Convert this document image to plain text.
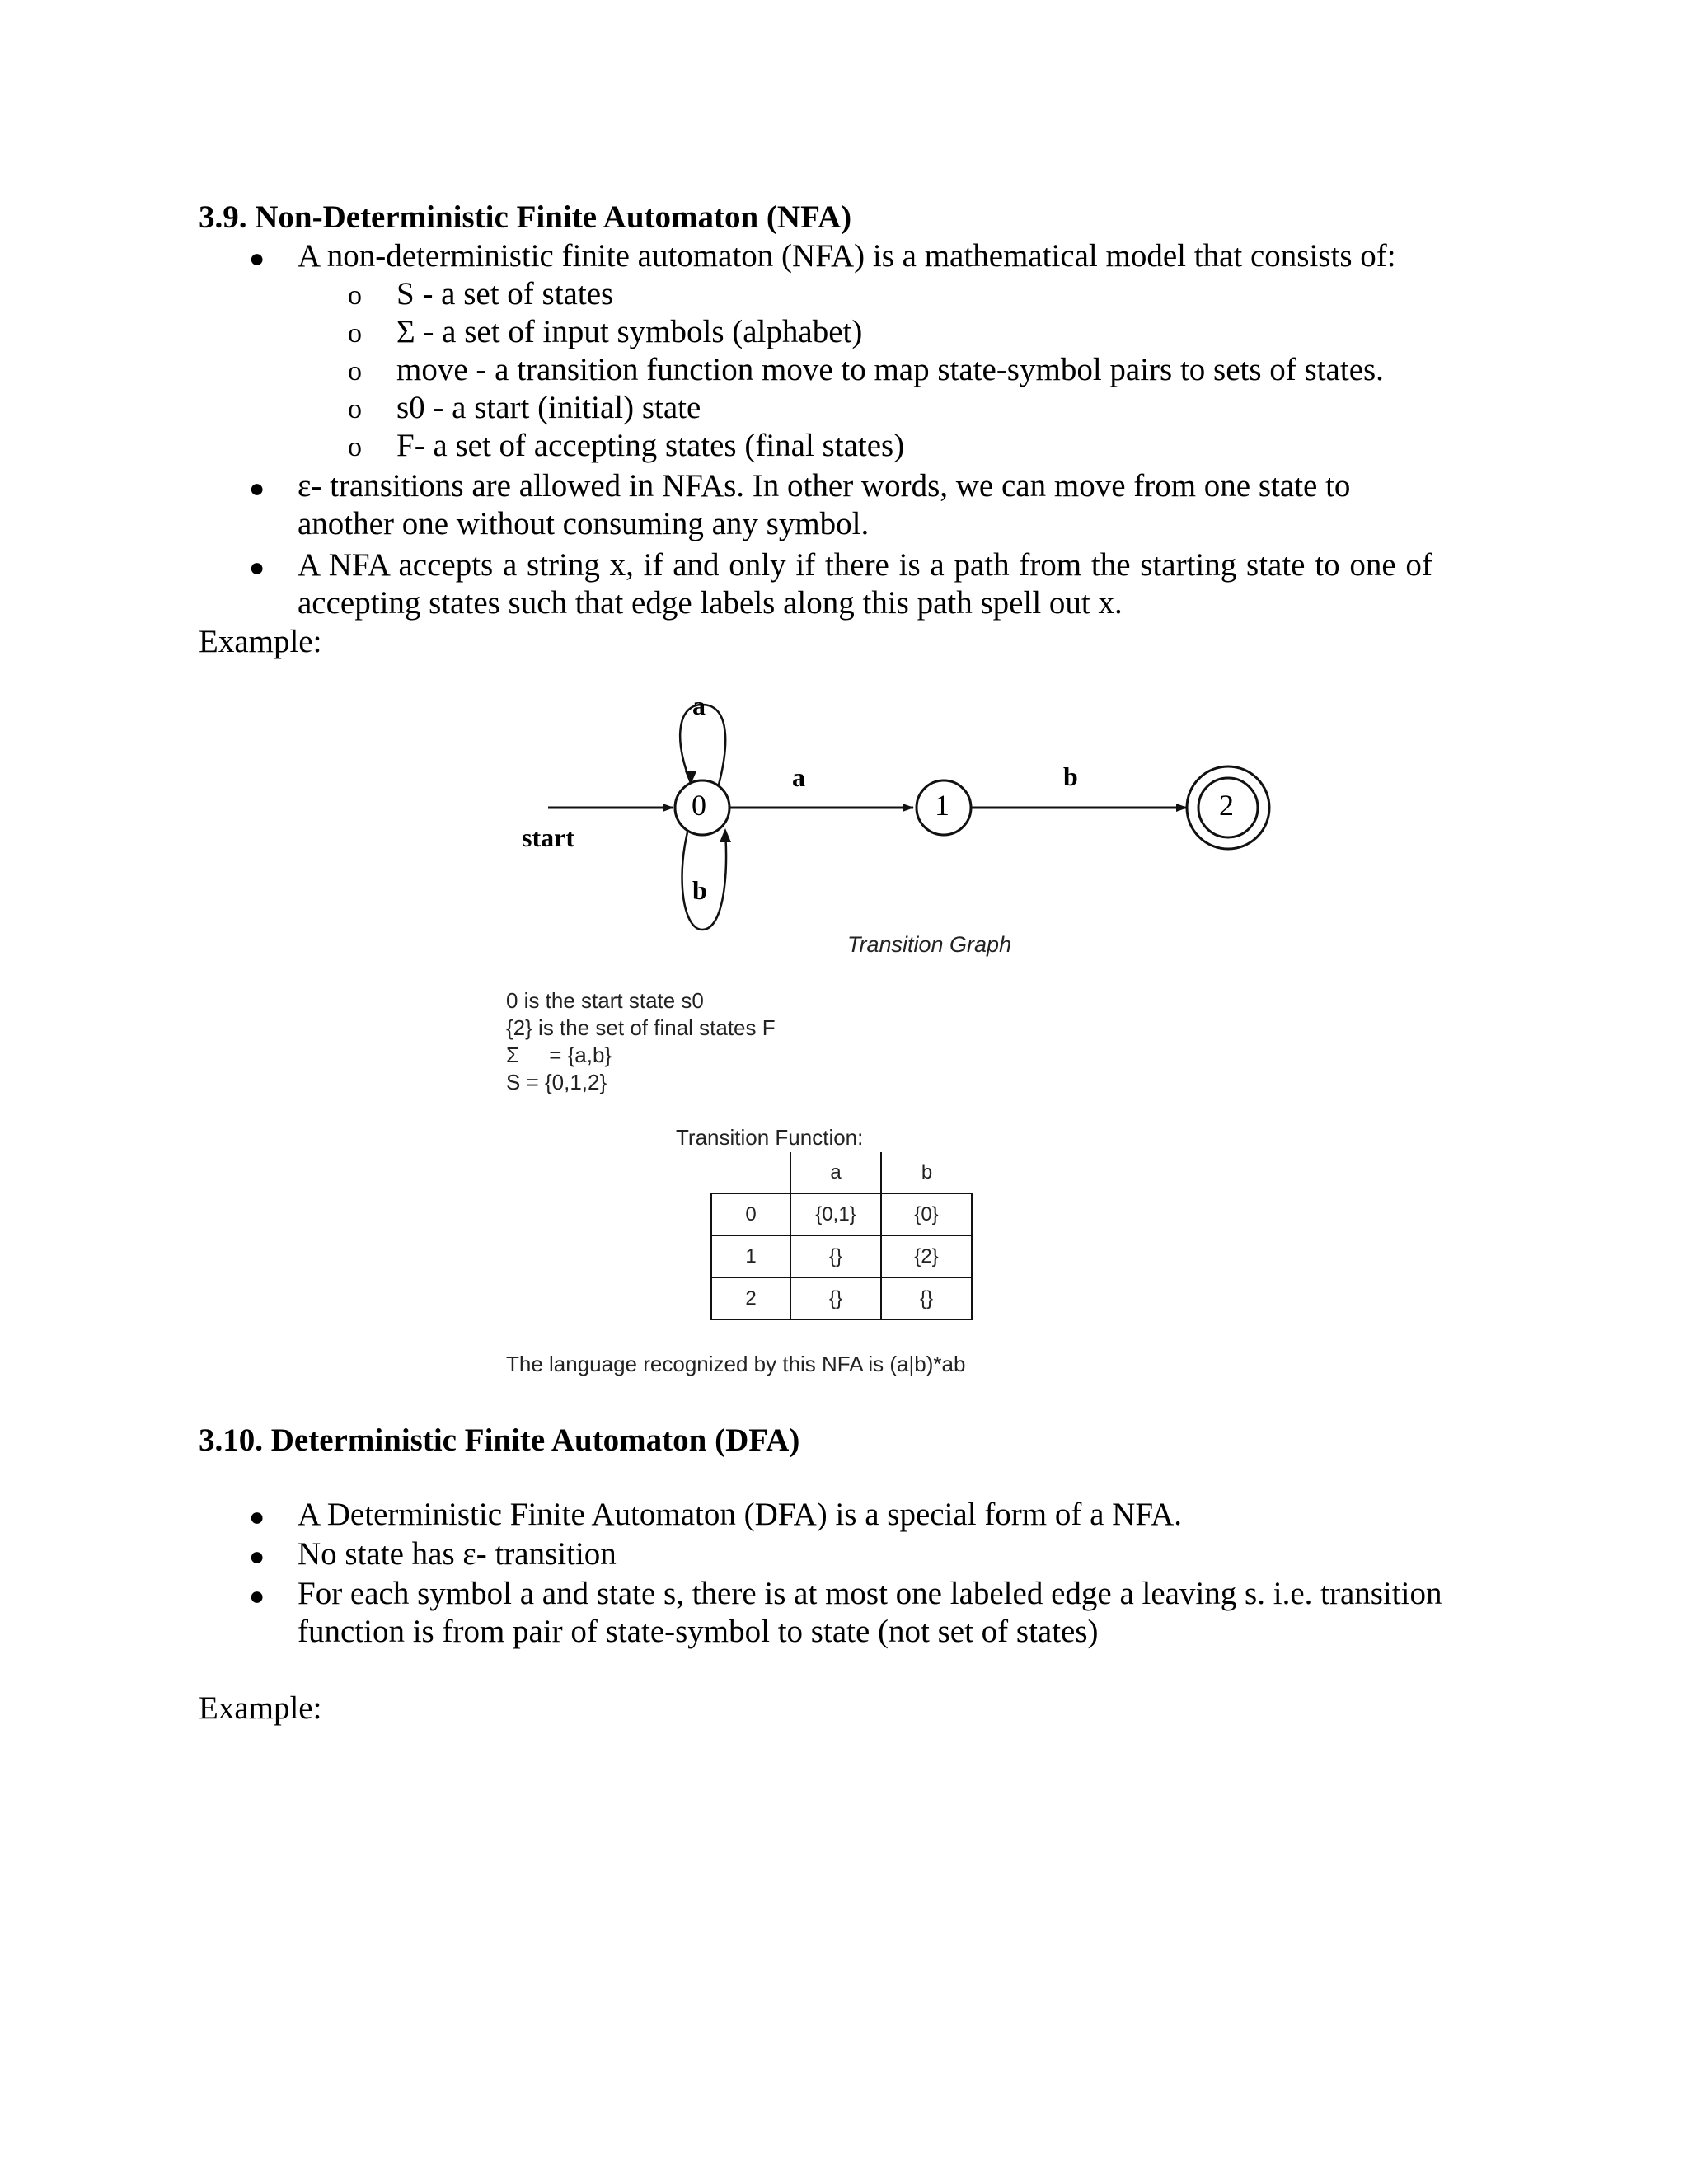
3.9. Non-Deterministic Finite Automaton (NFA)
● A non-deterministic finite automaton (NFA) is a mathematical model that consists of:
o S - a set of states
o Σ - a set of input symbols (alphabet)
o move - a transition function move to map state-symbol pairs to sets of states.
o s0 - a start (initial) state
o F- a set of accepting states (final states)
● ε- transitions are allowed in NFAs. In other words, we can move from one state to
another one without consuming any symbol.
● A NFA accepts a string x, if and only if there is a path from the starting state to one of
accepting states such that edge labels along this path spell out x.
Example:
0	1	2
a
b
a	b
start
Transition Graph
0 is the start state s0
{2} is the set of final states F
Σ     = {a,b}
S = {0,1,2}
Transition Function:
	a	b
0	{0,1}	{0}
1	{}	{2}
2	{}	{}
The language recognized by this NFA is (a|b)*ab
3.10. Deterministic Finite Automaton (DFA)
● A Deterministic Finite Automaton (DFA) is a special form of a NFA.
● No state has ε- transition
● For each symbol a and state s, there is at most one labeled edge a leaving s. i.e. transition
function is from pair of state-symbol to state (not set of states)
Example:
